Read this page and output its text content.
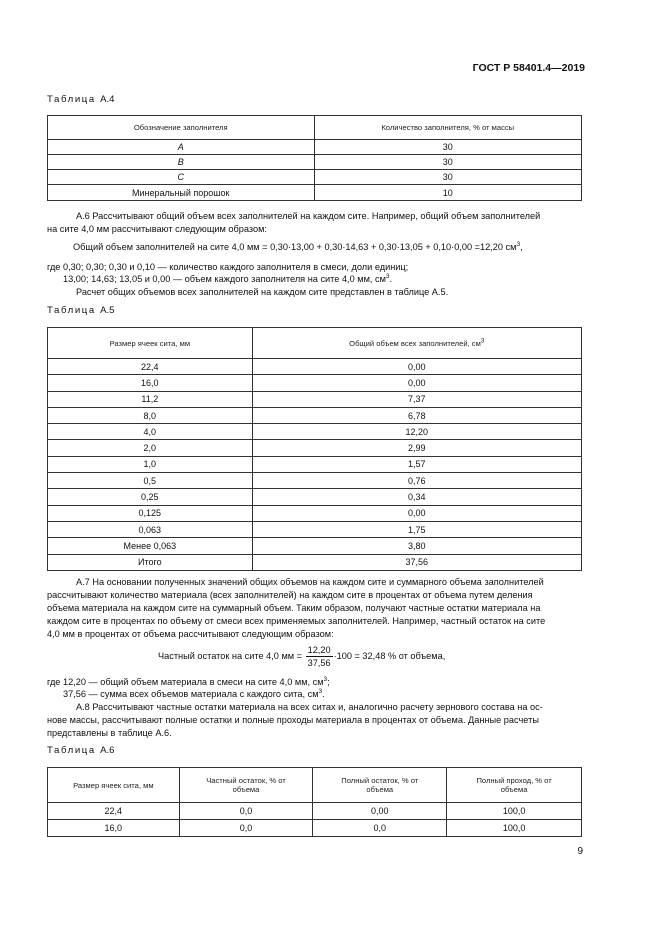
ГОСТ Р 58401.4—2019
Таблица А.4
Обозначение заполнителя	Количество заполнителя, % от массы
A	30
B	30
C	30
Минеральный порошок	10
А.6 Рассчитывают общий объем всех заполнителей на каждом сите. Например, общий объем заполнителей
на сите 4,0 мм рассчитывают следующим образом:
Общий объем заполнителей на сите 4,0 мм = 0,30·13,00 + 0,30·14,63 + 0,30·13,05 + 0,10·0,00 =12,20 $см^3$,
где 0,30; 0,30; 0,30 и 0,10 — количество каждого заполнителя в смеси, доли единиц;
13,00; 14,63; 13,05 и 0,00 — объем каждого заполнителя на сите 4,0 мм, $см^3$.
Расчет общих объемов всех заполнителей на каждом сите представлен в таблице А.5.
Таблица А.5
Размер ячеек сита, мм	Общий объем всех заполнителей, $см^3$
22,4	0,00
16,0	0,00
11,2	7,37
8,0	6,78
4,0	12,20
2,0	2,99
1,0	1,57
0,5	0,76
0,25	0,34
0,125	0,00
0,063	1,75
Менее 0,063	3,80
Итого	37,56
А.7 На основании полученных значений общих объемов на каждом сите и суммарного объема заполнителей
рассчитывают количество материала (всех заполнителей) на каждом сите в процентах от объема путем деления
объема материала на каждом сите на суммарный объем. Таким образом, получают частные остатки материала на
каждом сите в процентах по объему от смеси всех применяемых заполнителей. Например, частный остаток на сите
4,0 мм в процентах от объема рассчитывают следующим образом:
Частный остаток на сите 4,0 мм = $\frac{12,20}{37,56} \cdot 100 = 32,48$ % от объема,
где 12,20 — общий объем материала в смеси на сите 4,0 мм, $см^3$;
37,56 — сумма всех объемов материала с каждого сита, $см^3$.
А.8 Рассчитывают частные остатки материала на всех ситах и, аналогично расчету зернового состава на ос-
нове массы, рассчитывают полные остатки и полные проходы материала в процентах от объема. Данные расчеты
представлены в таблице А.6.
Таблица А.6
Размер ячеек сита, мм	Частный остаток, % от объема	Полный остаток, % от объема	Полный проход, % от объема
22,4	0,0	0,00	100,0
16,0	0,0	0,0	100,0
9
